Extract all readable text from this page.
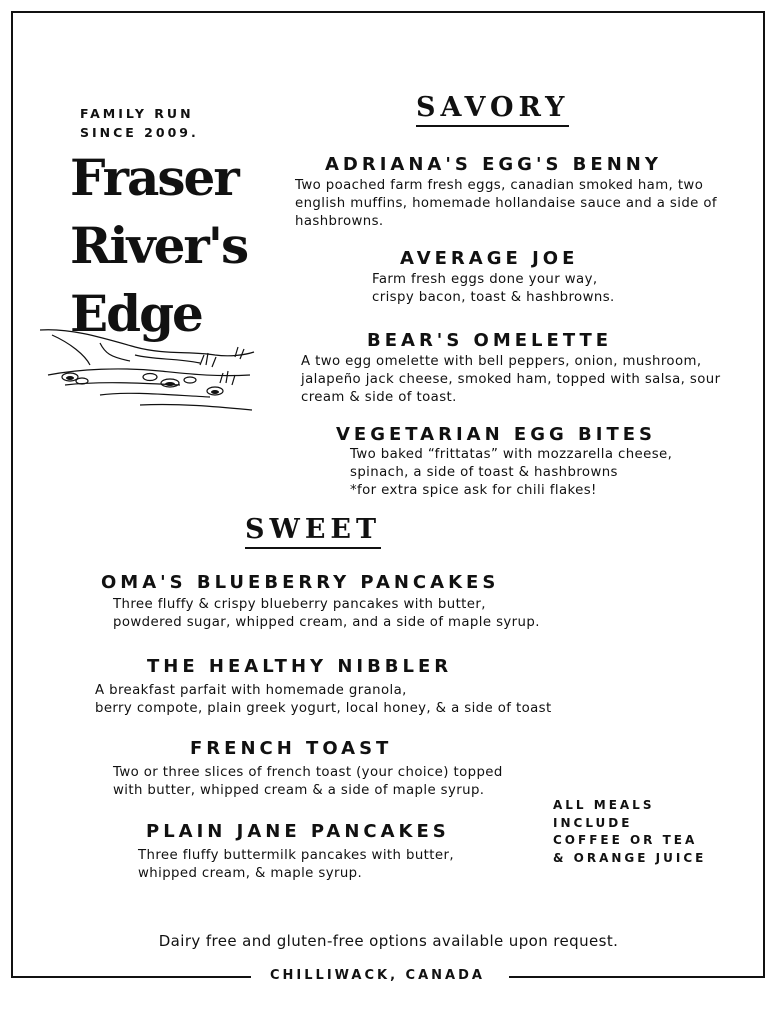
FAMILY RUN
SINCE 2009.
Fraser
River's
Edge
SAVORY
ADRIANA'S EGG'S BENNY
Two poached farm fresh eggs, canadian smoked ham, two
english muffins, homemade hollandaise sauce and a side of
hashbrowns.
AVERAGE JOE
Farm fresh eggs done your way,
crispy bacon, toast & hashbrowns.
BEAR'S OMELETTE
A two egg omelette with bell peppers, onion, mushroom,
jalapeño jack cheese, smoked ham, topped with salsa, sour
cream & side of toast.
VEGETARIAN EGG BITES
Two baked “frittatas” with mozzarella cheese,
spinach, a side of toast & hashbrowns
*for extra spice ask for chili flakes!
SWEET
OMA'S BLUEBERRY PANCAKES
Three fluffy & crispy blueberry pancakes with butter,
powdered sugar, whipped cream, and a side of maple syrup.
THE HEALTHY NIBBLER
A breakfast parfait with homemade granola,
berry compote, plain greek yogurt, local honey, & a side of toast
FRENCH TOAST
Two or three slices of french toast (your choice) topped
with butter, whipped cream & a side of maple syrup.
PLAIN JANE PANCAKES
Three fluffy buttermilk pancakes with butter,
whipped cream, & maple syrup.
ALL MEALS
INCLUDE
COFFEE OR TEA
& ORANGE JUICE
Dairy free and gluten-free options available upon request.
CHILLIWACK, CANADA
